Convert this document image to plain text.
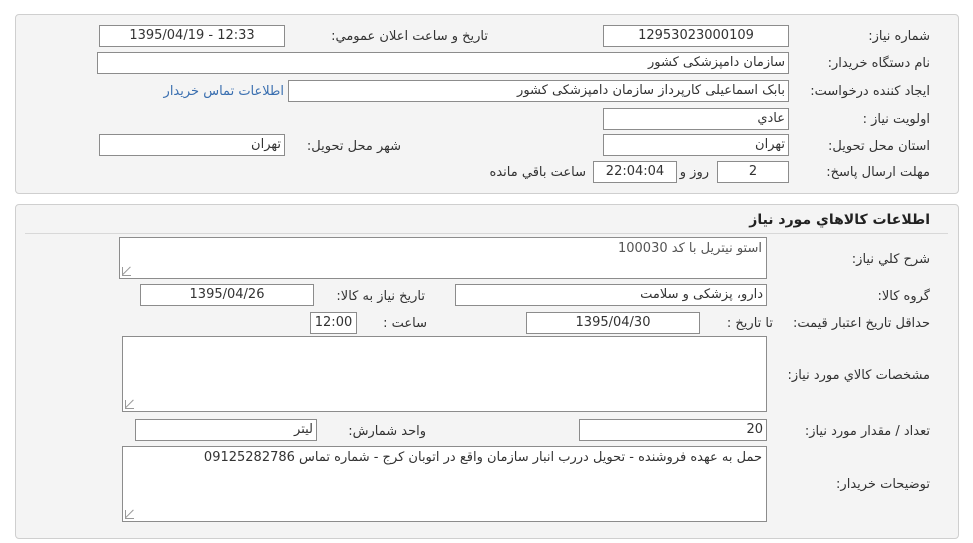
شماره نياز:
12953023000109
تاريخ و ساعت اعلان عمومي:
1395/04/19 - 12:33
نام دستگاه خريدار:
سازمان دامپزشکی کشور
ايجاد کننده درخواست:
بابک اسماعیلی کارپرداز سازمان دامپزشکی کشور
اطلاعات تماس خريدار
اولويت نياز :
عادي
استان محل تحويل:
تهران
شهر محل تحويل:
تهران
مهلت ارسال پاسخ:
2
روز و
22:04:04
ساعت باقي مانده
اطلاعات کالاهاي مورد نياز
شرح کلي نياز:
استو نیتریل با کد 100030
گروه کالا:
دارو، پزشکی و سلامت
تاريخ نياز به کالا:
1395/04/26
حداقل تاريخ اعتبار قيمت:
تا تاريخ :
1395/04/30
ساعت :
12:00
مشخصات کالاي مورد نياز:
تعداد / مقدار مورد نياز:
20
واحد شمارش:
ليتر
توضيحات خريدار:
حمل به عهده فروشنده - تحويل دررب انبار سازمان واقع در اتوبان کرج - شماره تماس 09125282786
